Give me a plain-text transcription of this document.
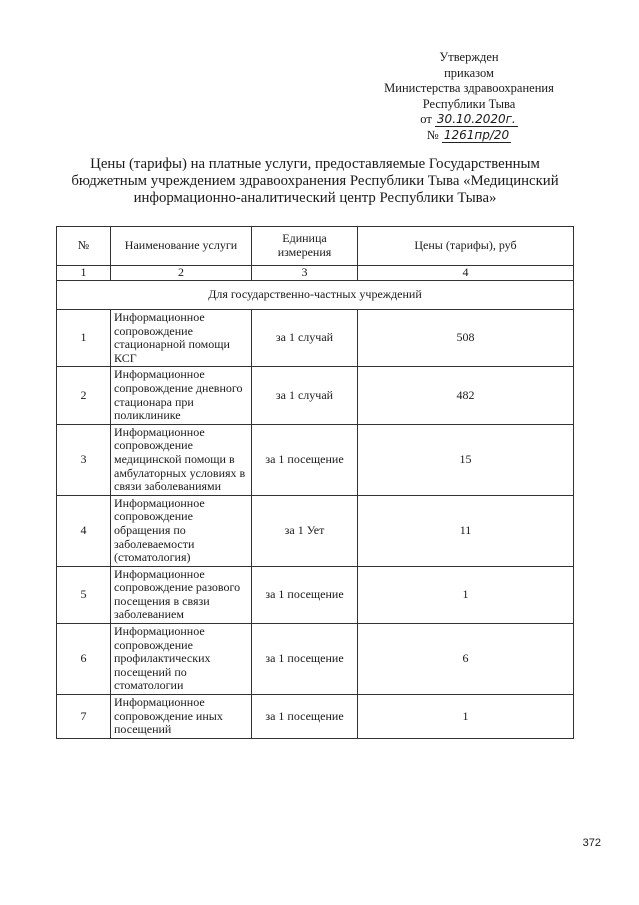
Утвержден
приказом
Министерства здравоохранения
Республики Тыва
от 30.10.2020г.
№ 1261пр/20
Цены (тарифы) на платные услуги, предоставляемые Государственным бюджетным учреждением здравоохранения Республики Тыва «Медицинский информационно-аналитический центр Республики Тыва»
№	Наименование услуги	Единица измерения	Цены (тарифы), руб
1	2	3	4
Для государственно-частных учреждений			
1	Информационное сопровождение стационарной помощи КСГ	за 1 случай	508
2	Информационное сопровождение дневного стационара при поликлинике	за 1 случай	482
3	Информационное сопровождение медицинской помощи в амбулаторных условиях в связи заболеваниями	за 1 посещение	15
4	Информационное сопровождение обращения по заболеваемости (стоматология)	за 1 Ует	11
5	Информационное сопровождение разового посещения в связи заболеванием	за 1 посещение	1
6	Информационное сопровождение профилактических посещений по стоматологии	за 1 посещение	6
7	Информационное сопровождение иных посещений	за 1 посещение	1
372
